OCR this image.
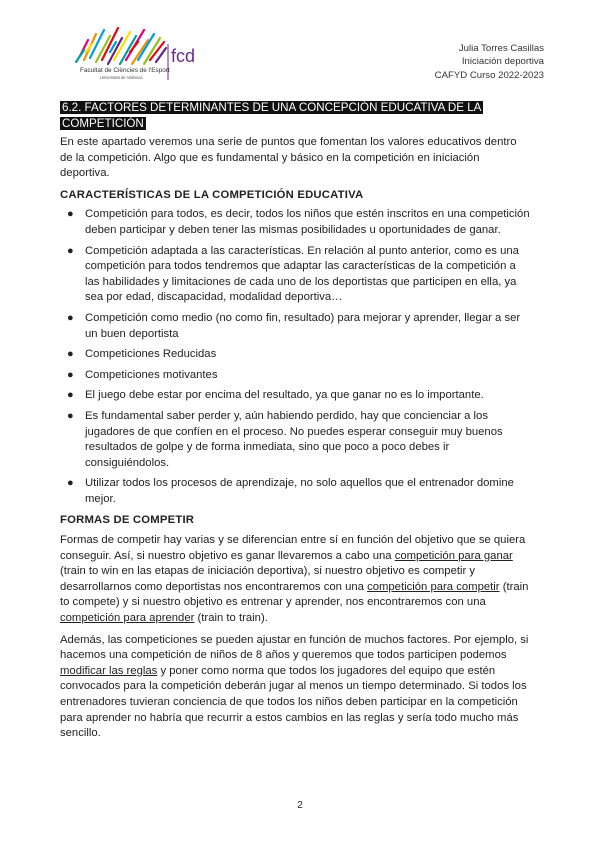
Facultat de Ciències de l'Esport
Universitat de València
fcd	Julia Torres Casillas
Iniciación deportiva
CAFYD Curso 2022-2023
6.2. FACTORES DETERMINANTES DE UNA CONCEPCIÓN EDUCATIVA DE LA COMPETICIÓN

En este apartado veremos una serie de puntos que fomentan los valores educativos dentro de la competición. Algo que es fundamental y básico en la competición en iniciación deportiva.

CARACTERÍSTICAS DE LA COMPETICIÓN EDUCATIVA
● Competición para todos, es decir, todos los niños que estén inscritos en una competición deben participar y deben tener las mismas posibilidades u oportunidades de ganar.
● Competición adaptada a las características. En relación al punto anterior, como es una competición para todos tendremos que adaptar las características de la competición a las habilidades y limitaciones de cada uno de los deportistas que participen en ella, ya sea por edad, discapacidad, modalidad deportiva…
● Competición como medio (no como fin, resultado) para mejorar y aprender, llegar a ser un buen deportista
● Competiciones Reducidas
● Competiciones motivantes
● El juego debe estar por encima del resultado, ya que ganar no es lo importante.
● Es fundamental saber perder y, aún habiendo perdido, hay que concienciar a los jugadores de que confíen en el proceso. No puedes esperar conseguir muy buenos resultados de golpe y de forma inmediata, sino que poco a poco debes ir consiguiéndolos.
● Utilizar todos los procesos de aprendizaje, no solo aquellos que el entrenador domine mejor.
FORMAS DE COMPETIR

Formas de competir hay varias y se diferencian entre sí en función del objetivo que se quiera conseguir. Así, si nuestro objetivo es ganar llevaremos a cabo una competición para ganar (train to win en las etapas de iniciación deportiva), si nuestro objetivo es competir y desarrollarnos como deportistas nos encontraremos con una competición para competir (train to compete) y si nuestro objetivo es entrenar y aprender, nos encontraremos con una competición para aprender (train to train).

Además, las competiciones se pueden ajustar en función de muchos factores. Por ejemplo, si hacemos una competición de niños de 8 años y queremos que todos participen podemos modificar las reglas y poner como norma que todos los jugadores del equipo que estén convocados para la competición deberán jugar al menos un tiempo determinado. Si todos los entrenadores tuvieran conciencia de que todos los niños deben participar en la competición para aprender no habría que recurrir a estos cambios en las reglas y sería todo mucho más sencillo.

2
